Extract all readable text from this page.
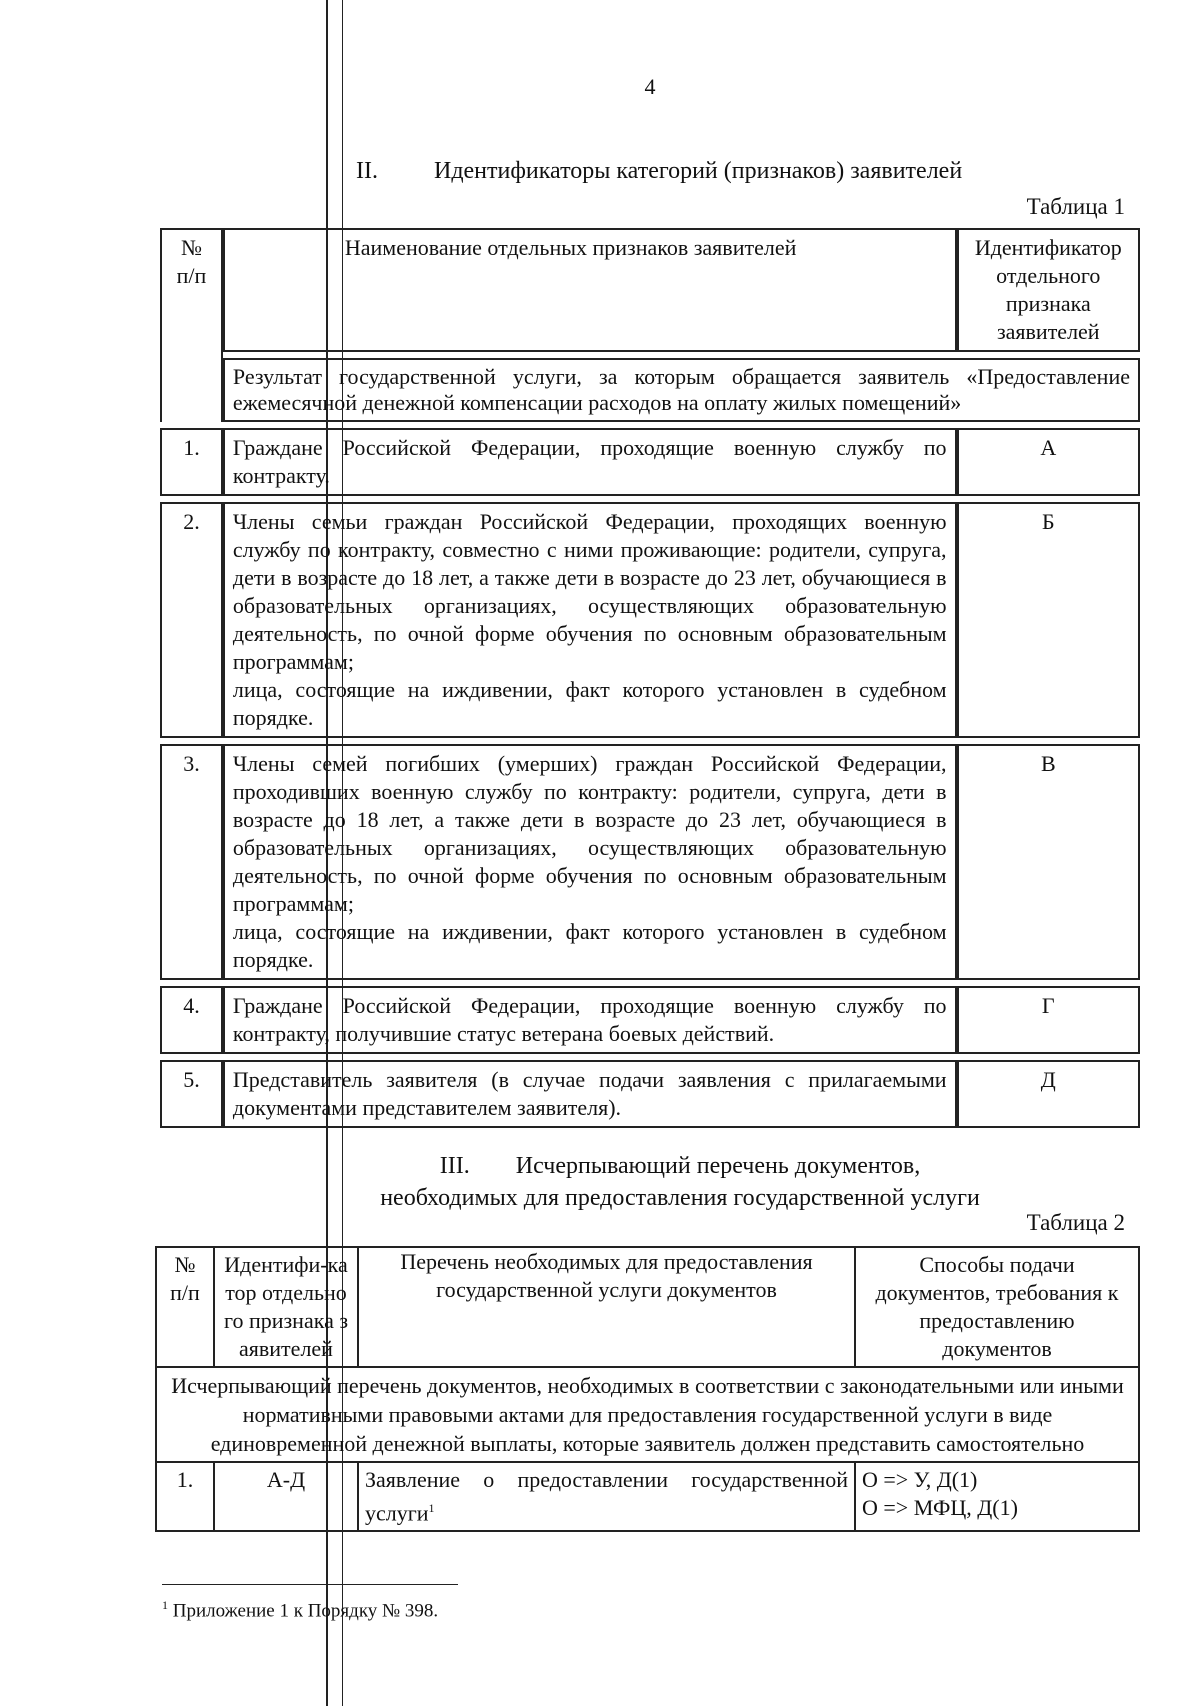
4
II. Идентификаторы категорий (признаков) заявителей
Таблица 1
№ п/п	Наименование отдельных признаков заявителей	Идентификатор отдельного признака заявителей
	Результат государственной услуги, за которым обращается заявитель «Предоставление ежемесячной денежной компенсации расходов на оплату жилых помещений»	
1.	Граждане Российской Федерации, проходящие военную службу по контракту.	А
2.	Члены семьи граждан Российской Федерации, проходящих военную службу по контракту, совместно с ними проживающие: родители, супруга, дети в возрасте до 18 лет, а также дети в возрасте до 23 лет, обучающиеся в образовательных организациях, осуществляющих образовательную деятельность, по очной форме обучения по основным образовательным программам;
лица, состоящие на иждивении, факт которого установлен в судебном порядке.	Б
3.	Члены семей погибших (умерших) граждан Российской Федерации, проходивших военную службу по контракту: родители, супруга, дети в возрасте до 18 лет, а также дети в возрасте до 23 лет, обучающиеся в образовательных организациях, осуществляющих образовательную деятельность, по очной форме обучения по основным образовательным программам;
лица, состоящие на иждивении, факт которого установлен в судебном порядке.	В
4.	Граждане Российской Федерации, проходящие военную службу по контракту, получившие статус ветерана боевых действий.	Г
5.	Представитель заявителя (в случае подачи заявления с прилагаемыми документами представителем заявителя).	Д
III. Исчерпывающий перечень документов,
необходимых для предоставления государственной услуги
Таблица 2
№ п/п	Идентифи-катор отдельного признака заявителей	Перечень необходимых для предоставления государственной услуги документов	Способы подачи документов, требования к предоставлению документов
Исчерпывающий перечень документов, необходимых в соответствии с законодательными или иными нормативными правовыми актами для предоставления государственной услуги в виде единовременной денежной выплаты, которые заявитель должен представить самостоятельно			
1.	А-Д	Заявление о предоставлении государственной услуги$^1$	О => У, Д(1)
О => МФЦ, Д(1)
$^1$ Приложение 1 к Порядку № 398.
